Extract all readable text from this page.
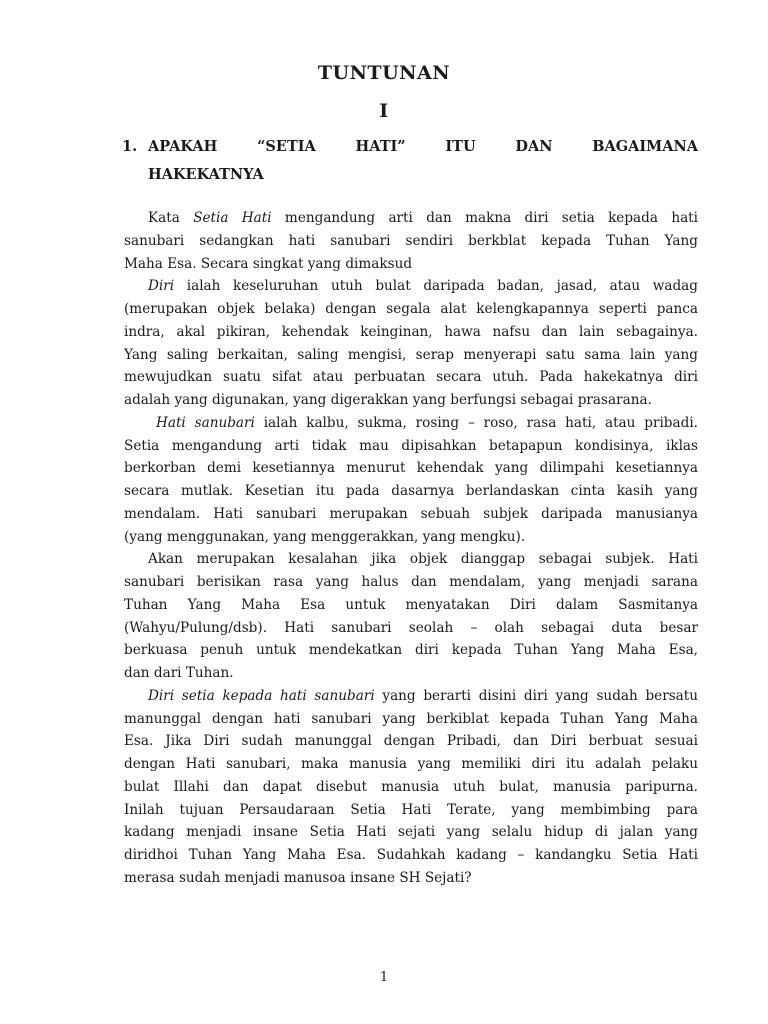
TUNTUNAN
I
1. APAKAH	“SETIA	HATI”	ITU	DAN	BAGAIMANA
HAKEKATNYA
Kata Setia Hati mengandung arti dan makna diri setia kepada hati
sanubari sedangkan hati sanubari sendiri berkblat kepada Tuhan Yang
Maha Esa. Secara singkat yang dimaksud
Diri ialah keseluruhan utuh bulat daripada badan, jasad, atau wadag
(merupakan objek belaka) dengan segala alat kelengkapannya seperti panca
indra, akal pikiran, kehendak keinginan, hawa nafsu dan lain sebagainya.
Yang saling berkaitan, saling mengisi, serap menyerapi satu sama lain yang
mewujudkan suatu sifat atau perbuatan secara utuh. Pada hakekatnya diri
adalah yang digunakan, yang digerakkan yang berfungsi sebagai prasarana.
Hati sanubari ialah kalbu, sukma, rosing – roso, rasa hati, atau pribadi.
Setia mengandung arti tidak mau dipisahkan betapapun kondisinya, iklas
berkorban demi kesetiannya menurut kehendak yang dilimpahi kesetiannya
secara mutlak. Kesetian itu pada dasarnya berlandaskan cinta kasih yang
mendalam. Hati sanubari merupakan sebuah subjek daripada manusianya
(yang menggunakan, yang menggerakkan, yang mengku).
Akan merupakan kesalahan jika objek dianggap sebagai subjek. Hati
sanubari berisikan rasa yang halus dan mendalam, yang menjadi sarana
Tuhan Yang Maha Esa untuk menyatakan Diri dalam Sasmitanya
(Wahyu/Pulung/dsb). Hati sanubari seolah – olah sebagai duta besar
berkuasa penuh untuk mendekatkan diri kepada Tuhan Yang Maha Esa,
dan dari Tuhan.
Diri setia kepada hati sanubari yang berarti disini diri yang sudah bersatu
manunggal dengan hati sanubari yang berkiblat kepada Tuhan Yang Maha
Esa. Jika Diri sudah manunggal dengan Pribadi, dan Diri berbuat sesuai
dengan Hati sanubari, maka manusia yang memiliki diri itu adalah pelaku
bulat Illahi dan dapat disebut manusia utuh bulat, manusia paripurna.
Inilah tujuan Persaudaraan Setia Hati Terate, yang membimbing para
kadang menjadi insane Setia Hati sejati yang selalu hidup di jalan yang
diridhoi Tuhan Yang Maha Esa. Sudahkah kadang – kandangku Setia Hati
merasa sudah menjadi manusoa insane SH Sejati?
1
